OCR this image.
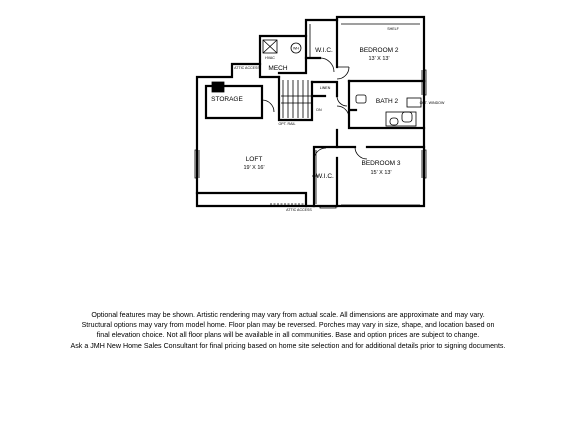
W.I.C.	BEDROOM 2
13' X 13'
MECH
STORAGE	BATH 2
LOFT
19' X 16'
BEDROOM 3
15' X 13'
W.I.C.
ATTIC ACCESS
LINEN
HVAC
WH
DN
OPT. RAIL
OPT. WINDOW
SHELF
ATTIC ACCESS
Optional features may be shown. Artistic rendering may vary from actual scale. All dimensions are approximate and may vary.
Structural options may vary from model home. Floor plan may be reversed. Porches may vary in size, shape, and location based on
final elevation choice. Not all floor plans will be available in all communities. Base and option prices are subject to change.
Ask a JMH New Home Sales Consultant for final pricing based on home site selection and for additional details prior to signing documents.
